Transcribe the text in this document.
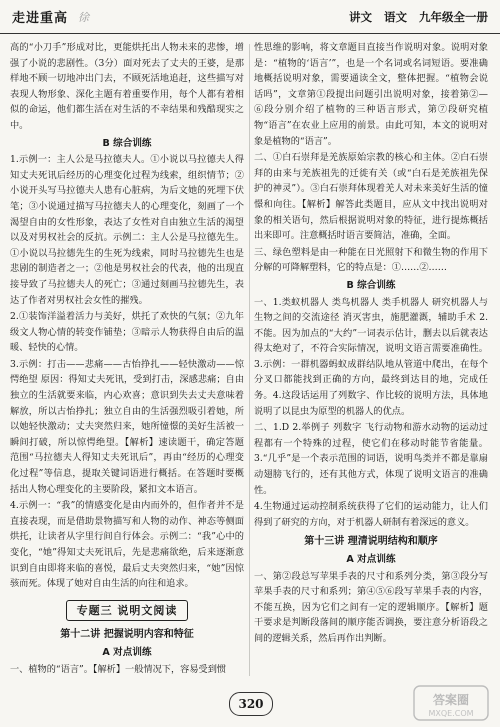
走进重高 徐	讲文 语文 九年级全一册

高的“小刀手”形成对比，更能烘托出人物未来的悲惨，增强了小说的悲剧性。（3分）面对死去了丈夫的王婆，是那样地不顾一切地冲出门去，不顾死活地追赶，这些描写对表现人物形象、深化主题有着重要作用，每个人都有着相似的命运，他们都生活在对生活的不幸结果和残酷现实之中。

B 综合训练

1.示例一：主人公是马拉德夫人。①小说以马拉德夫人得知丈夫死讯后经历的心理变化过程为线索，组织情节；②小说开头写马拉德夫人患有心脏病，为后文她的死埋下伏笔；③小说通过描写马拉德夫人的心理变化，刻画了一个渴望自由的女性形象，表达了女性对自由独立生活的渴望以及对男权社会的反抗。示例二：主人公是马拉德先生。①小说以马拉德先生的生死为线索，同时马拉德先生也是悲剧的制造者之一；②他是男权社会的代表，他的出现直接导致了马拉德夫人的死亡；③通过刻画马拉德先生，表达了作者对男权社会女性的摧残。

2.①装饰洋溢着活力与美好，烘托了欢快的气氛；②九年级文人物心情的转变作铺垫；③暗示人物获得自由后的温暖、轻快的心情。

3.示例：打击——悲痛——古怡挣扎——轻快激动——惊愕绝望 原因：得知丈夫死讯，受到打击，深感悲痛；自由独立的生活就要来临，内心欢喜；意识到失去丈夫意味着解放，所以古怡挣扎；独立自由的生活强烈吸引着她，所以她轻快激动；丈夫突然归来，她所憧憬的美好生活被一瞬间打破，所以惊愕绝望。【解析】速读题干，确定答题范围“马拉德夫人得知丈夫死讯后”，再由“经历的心理变化过程”等信息，提取关键词语进行概括。在答题时要概括出人物心理变化的主要阶段，紧扣文本语言。

4.示例一：“我”的情感变化是由内而外的，但作者并不是直接表现，而是借助景物描写和人物的动作、神态等侧面烘托，让读者从字里行间自行体会。示例二：“我”心中的变化，“她”得知丈夫死讯后，先是悲痛欲绝，后来逐渐意识到自由即将来临的喜悦，最后丈夫突然归来，“她”因惊骇而死。体现了她对自由生活的向往和追求。

专题三 说明文阅读
第十二讲 把握说明内容和特征
A 对点训练

一、植物的“语言”。【解析】一般情况下，容易受到惯

性思维的影响，将文章题目直接当作说明对象。说明对象是：“植物的‘语言’”，也是一个名词或名词短语。要准确地概括说明对象，需要通读全文，整体把握。“植物会说话吗”，文章第①段提出问题引出说明对象，接着第②—⑥段分别介绍了植物的三种语言形式，第⑦段研究植物“语言”在农业上应用的前景。由此可知，本文的说明对象是植物的“语言”。

二、①白石崇拜是羌族原始宗教的核心和主体。②白石崇拜的由来与羌族祖先的迁徙有关（或“白石是羌族祖先保护的神灵”）。③白石崇拜体现着羌人对未来美好生活的憧憬和向往。【解析】解答此类题目，应从文中找出说明对象的相关语句，然后根据说明对象的特征，进行提炼概括出来即可。注意概括时语言要简洁，准确，全面。

三、绿色塑料是由一种能在日光照射下和微生物的作用下分解的可降解塑料，它的特点是：①……②……

B 综合训练

一、1.类蚁机器人 类鸟机器人 类手机器人 研究机器人与生物之间的交流途径 消灭害虫，施肥灌溉，辅助手术 2.不能。因为加点的“大约”一词表示估计，删去以后就表达得太绝对了，不符合实际情况，说明文语言需要准确性。3.示例：一群机器蚂蚁成群结队地从管道中爬出，在每个分叉口都能找到正确的方向，最终到达目的地，完成任务。4.这段话运用了列数字、作比较的说明方法，具体地说明了以昆虫为原型的机器人的优点。

二、1.D 2.举例子 列数字 飞行动物和游水动物的运动过程都有一个特殊的过程，使它们在移动时能节省能量。3.“几乎”是一个表示范围的词语，说明鸟类并不都是靠扇动翅膀飞行的，还有其他方式，体现了说明文语言的准确性。

4.生物通过运动控制系统获得了它们的运动能力，让人们得到了研究的方向，对于机器人研制有着深远的意义。

第十三讲 理清说明结构和顺序
A 对点训练

一、第②段总写苹果手表的尺寸和系列分类，第③段分写苹果手表的尺寸和系列；第④⑤⑥段写苹果手表的内容，不能互换，因为它们之间有一定的逻辑顺序。【解析】题干要求是判断段落间的顺序能否调换，要注意分析语段之间的逻辑关系，然后再作出判断。

320	答案圈
MXQE.COM
